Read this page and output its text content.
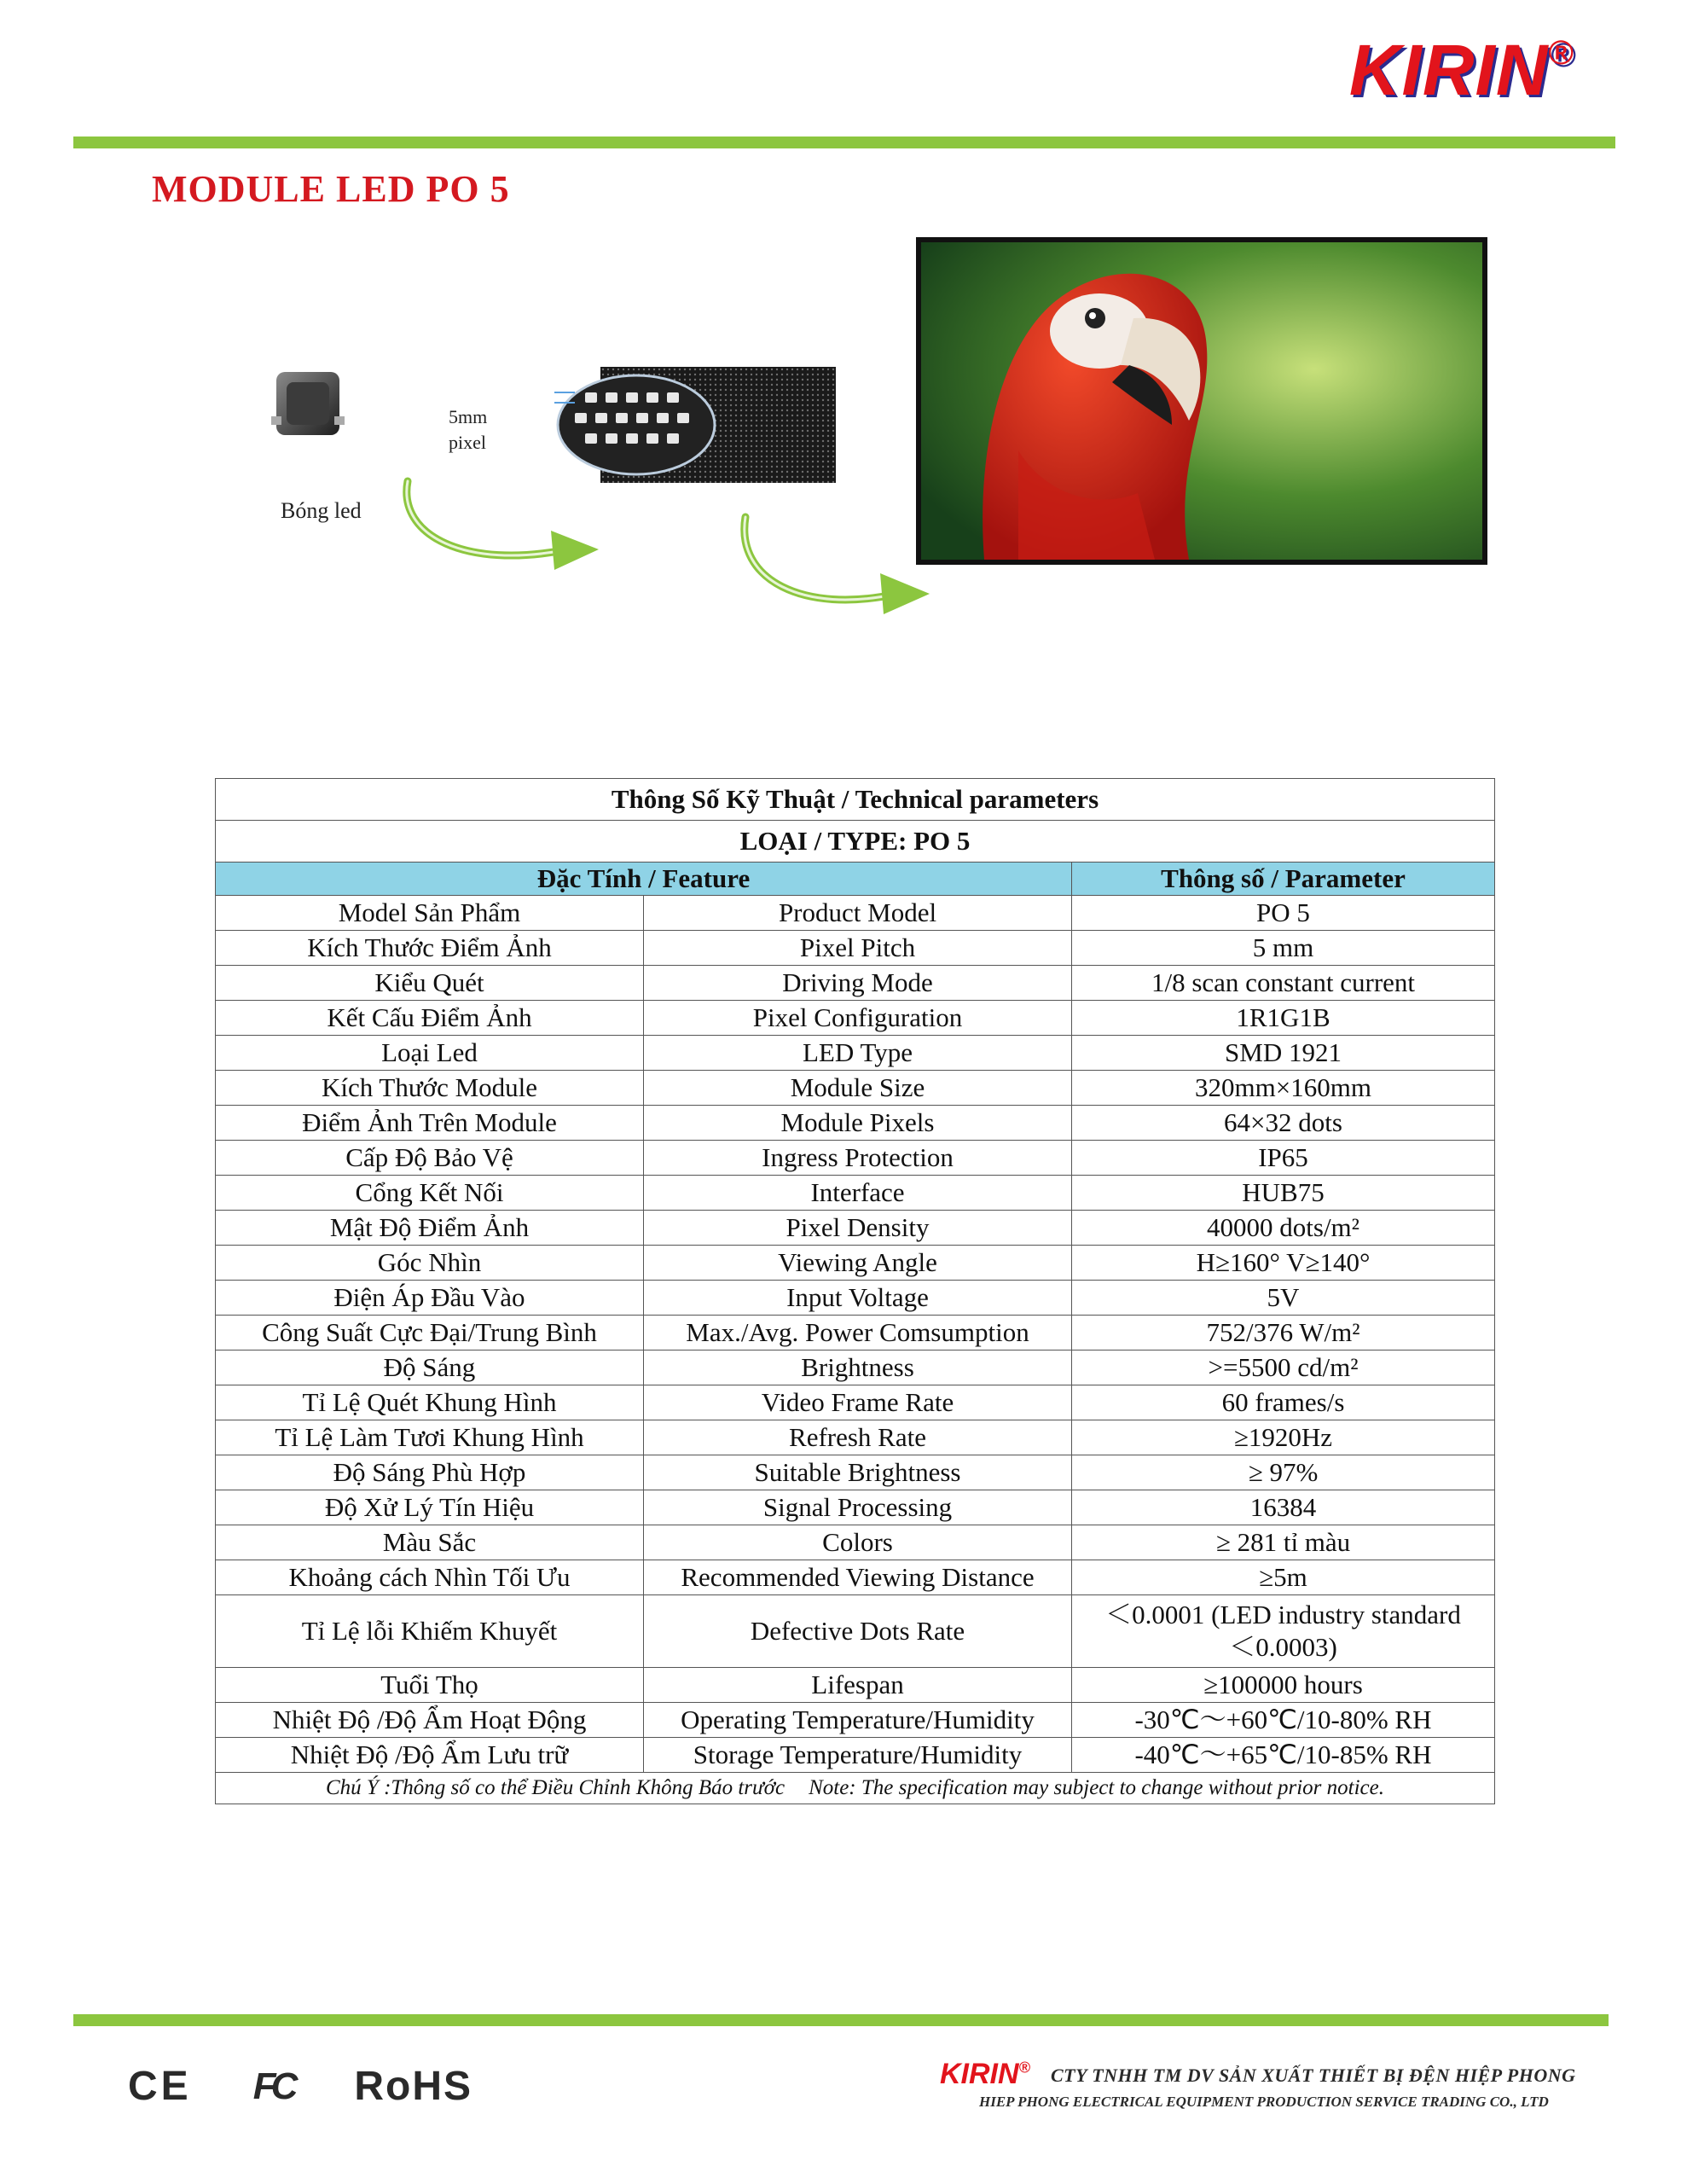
KIRIN®
MODULE LED PO 5
5mm
pixel
Bóng led
Thông Số Kỹ Thuật / Technical parameters		
LOẠI / TYPE: PO 5		
Đặc Tính / Feature		Thông số / Parameter
Model Sản Phẩm	Product Model	PO 5
Kích Thước Điểm Ảnh	Pixel Pitch	5 mm
Kiểu Quét	Driving Mode	1/8 scan constant current
Kết Cấu Điểm Ảnh	Pixel Configuration	1R1G1B
Loại Led	LED Type	SMD 1921
Kích Thước Module	Module Size	320mm×160mm
Điểm Ảnh Trên Module	Module Pixels	64×32 dots
Cấp Độ Bảo Vệ	Ingress Protection	IP65
Cổng Kết Nối	Interface	HUB75
Mật Độ Điểm Ảnh	Pixel Density	40000 dots/m²
Góc Nhìn	Viewing Angle	H≥160° V≥140°
Điện Áp Đầu Vào	Input Voltage	5V
Công Suất Cực Đại/Trung Bình	Max./Avg. Power Comsumption	752/376 W/m²
Độ Sáng	Brightness	>=5500 cd/m²
Tỉ Lệ Quét Khung Hình	Video Frame Rate	60 frames/s
Tỉ Lệ Làm Tươi Khung Hình	Refresh Rate	≥1920Hz
Độ Sáng Phù Hợp	Suitable Brightness	≥ 97%
Độ Xử Lý Tín Hiệu	Signal Processing	16384
Màu Sắc	Colors	≥ 281 tỉ màu
Khoảng cách Nhìn Tối Ưu	Recommended Viewing Distance	≥5m
Tỉ Lệ lỗi Khiếm Khuyết	Defective Dots Rate	＜0.0001 (LED industry standard
＜0.0003)

Tuổi Thọ	Lifespan	≥100000 hours
Nhiệt Độ /Độ Ẩm Hoạt Động	Operating Temperature/Humidity	-30℃～+60℃/10-80% RH
Nhiệt Độ /Độ Ẩm Lưu trữ	Storage Temperature/Humidity	-40℃～+65℃/10-85% RH
Chú Ý :Thông số co thể Điều Chỉnh Không Báo trước Note: The specification may subject to change without prior notice.		
CE FC RoHS	KIRIN® CTY TNHH TM DV SẢN XUẤT THIẾT BỊ ĐỆN HIỆP PHONG
HIEP PHONG ELECTRICAL EQUIPMENT PRODUCTION SERVICE TRADING CO., LTD
